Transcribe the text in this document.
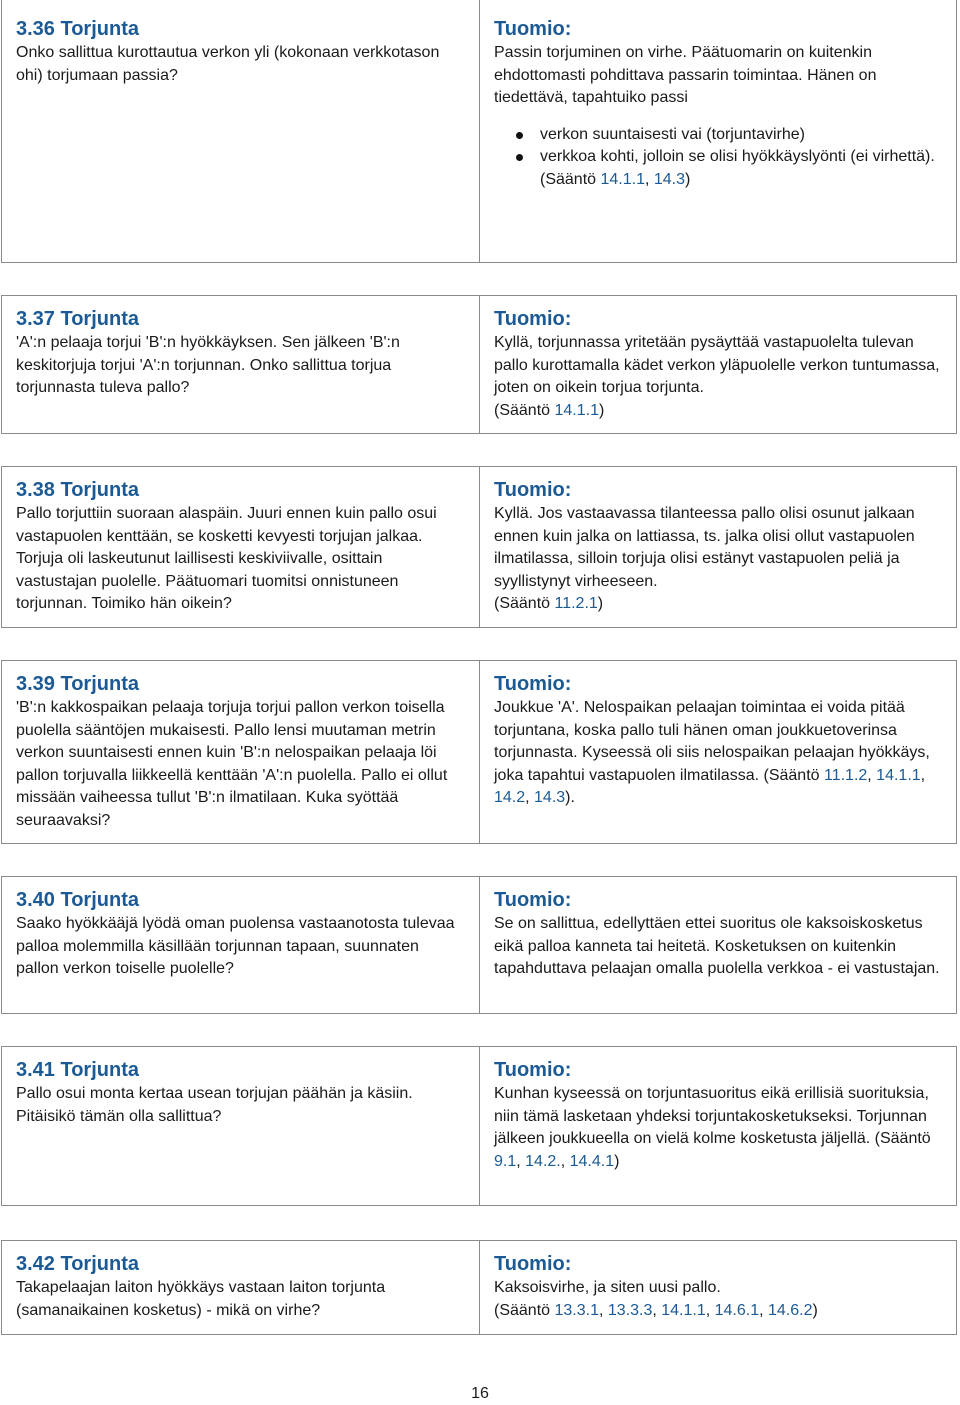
3.36 Torjunta

Onko sallittua kurottautua verkon yli (kokonaan verkkotason ohi) torjumaan passia?

Tuomio:

Passin torjuminen on virhe. Päätuomarin on kuitenkin ehdottomasti pohdittava passarin toimintaa. Hänen on tiedettävä, tapahtuiko passi

verkon suuntaisesti vai (torjuntavirhe)
verkkoa kohti, jolloin se olisi hyökkäyslyönti (ei virhettä).

(Sääntö 14.1.1, 14.3)

3.37 Torjunta

'A':n pelaaja torjui 'B':n hyökkäyksen. Sen jälkeen 'B':n keskitorjuja torjui 'A':n torjunnan. Onko sallittua torjua torjunnasta tuleva pallo?

Tuomio:

Kyllä, torjunnassa yritetään pysäyttää vastapuolelta tulevan pallo kurottamalla kädet verkon yläpuolelle verkon tuntumassa, joten on oikein torjua torjunta.

(Sääntö 14.1.1)

3.38 Torjunta

Pallo torjuttiin suoraan alaspäin. Juuri ennen kuin pallo osui vastapuolen kenttään, se kosketti kevyesti torjujan jalkaa. Torjuja oli laskeutunut laillisesti keskiviivalle, osittain vastustajan puolelle. Päätuomari tuomitsi onnistuneen torjunnan. Toimiko hän oikein?

Tuomio:

Kyllä. Jos vastaavassa tilanteessa pallo olisi osunut jalkaan ennen kuin jalka on lattiassa, ts. jalka olisi ollut vastapuolen ilmatilassa, silloin torjuja olisi estänyt vastapuolen peliä ja syyllistynyt virheeseen.

(Sääntö 11.2.1)

3.39 Torjunta

'B':n kakkospaikan pelaaja torjuja torjui pallon verkon toisella puolella sääntöjen mukaisesti. Pallo lensi muutaman metrin verkon suuntaisesti ennen kuin 'B':n nelospaikan pelaaja löi pallon torjuvalla liikkeellä kenttään 'A':n puolella. Pallo ei ollut missään vaiheessa tullut 'B':n ilmatilaan. Kuka syöttää seuraavaksi?

Tuomio:

Joukkue 'A'. Nelospaikan pelaajan toimintaa ei voida pitää torjuntana, koska pallo tuli hänen oman joukkuetoverinsa torjunnasta. Kyseessä oli siis nelospaikan pelaajan hyökkäys, joka tapahtui vastapuolen ilmatilassa. (Sääntö 11.1.2, 14.1.1, 14.2, 14.3).

3.40 Torjunta

Saako hyökkääjä lyödä oman puolensa vastaanotosta tulevaa palloa molemmilla käsillään torjunnan tapaan, suunnaten pallon verkon toiselle puolelle?

Tuomio:

Se on sallittua, edellyttäen ettei suoritus ole kaksoiskosketus eikä palloa kanneta tai heitetä. Kosketuksen on kuitenkin tapahduttava pelaajan omalla puolella verkkoa - ei vastustajan.

3.41 Torjunta

Pallo osui monta kertaa usean torjujan päähän ja käsiin. Pitäisikö tämän olla sallittua?

Tuomio:

Kunhan kyseessä on torjuntasuoritus eikä erillisiä suorituksia, niin tämä lasketaan yhdeksi torjuntakosketukseksi. Torjunnan jälkeen joukkueella on vielä kolme kosketusta jäljellä. (Sääntö 9.1, 14.2., 14.4.1)

3.42 Torjunta

Takapelaajan laiton hyökkäys vastaan laiton torjunta (samanaikainen kosketus) - mikä on virhe?

Tuomio:

Kaksoisvirhe, ja siten uusi pallo.

(Sääntö 13.3.1, 13.3.3, 14.1.1, 14.6.1, 14.6.2)

16
